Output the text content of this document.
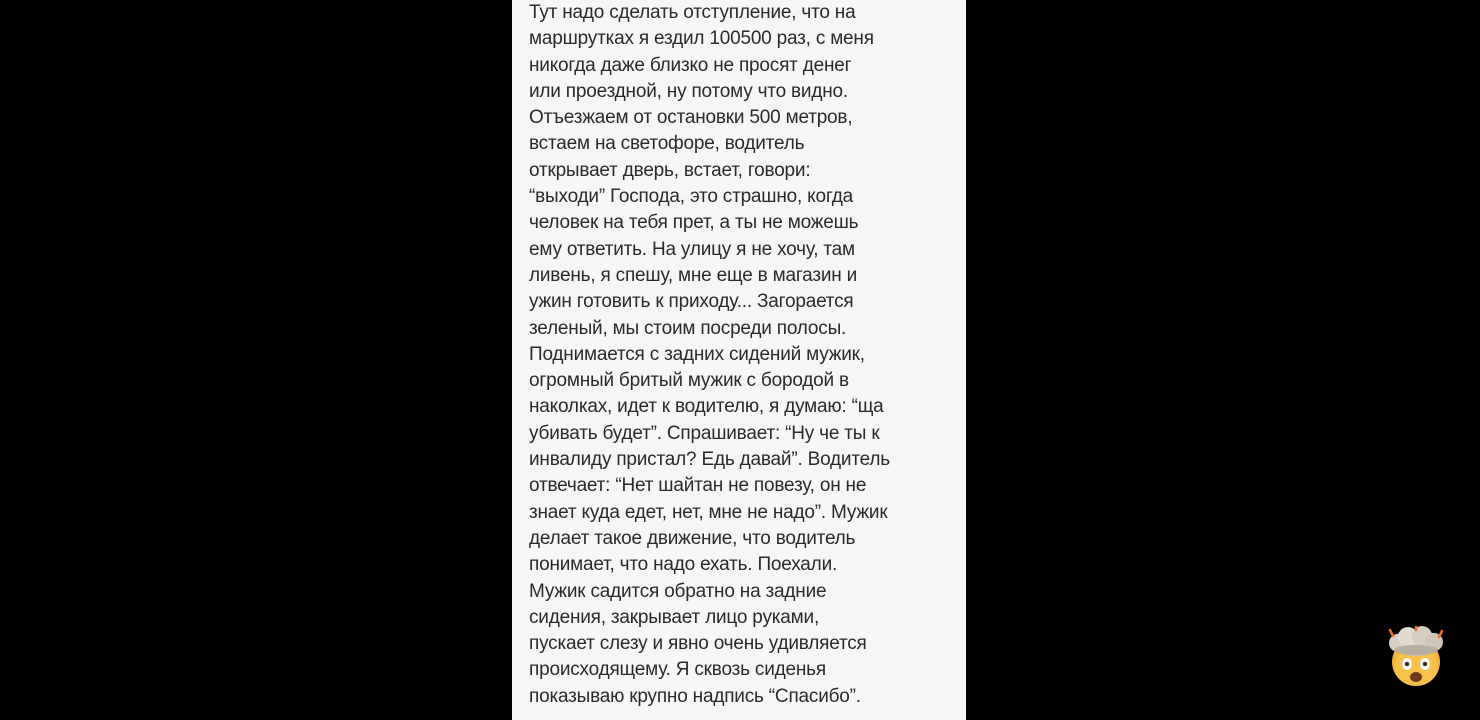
Тут надо сделать отступление, что на
маршрутках я ездил 100500 раз, с меня
никогда даже близко не просят денег
или проездной, ну потому что видно.
Отъезжаем от остановки 500 метров,
встаем на светофоре, водитель
открывает дверь, встает, говори:
“выходи” Господа, это страшно, когда
человек на тебя прет, а ты не можешь
ему ответить. На улицу я не хочу, там
ливень, я спешу, мне еще в магазин и
ужин готовить к приходу... Загорается
зеленый, мы стоим посреди полосы.
Поднимается с задних сидений мужик,
огромный бритый мужик с бородой в
наколках, идет к водителю, я думаю: “ща
убивать будет”. Спрашивает: “Ну че ты к
инвалиду пристал? Едь давай”. Водитель
отвечает: “Нет шайтан не повезу, он не
знает куда едет, нет, мне не надо”. Мужик
делает такое движение, что водитель
понимает, что надо ехать. Поехали.
Мужик садится обратно на задние
сидения, закрывает лицо руками,
пускает слезу и явно очень удивляется
происходящему. Я сквозь сиденья
показываю крупно надпись “Спасибо”.
